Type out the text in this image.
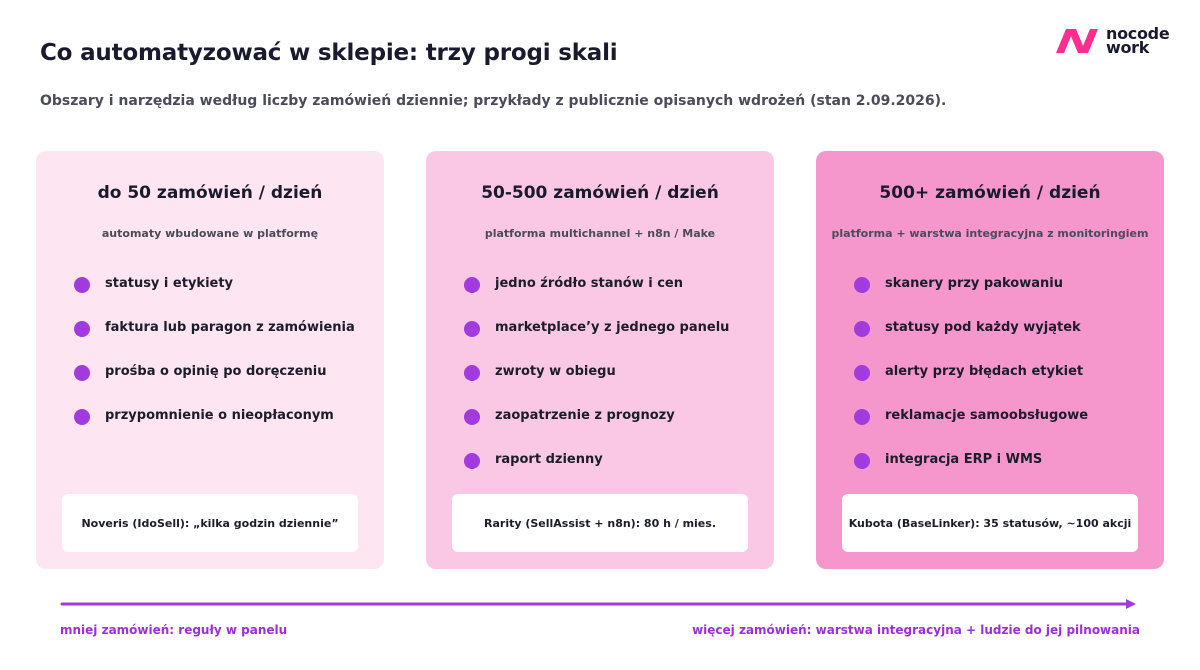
Co automatyzować w sklepie: trzy progi skali
Obszary i narzędzia według liczby zamówień dziennie; przykłady z publicznie opisanych wdrożeń (stan 2.09.2026).
nocode
work
do 50 zamówień / dzień
automaty wbudowane w platformę
statusy i etykiety
faktura lub paragon z zamówienia
prośba o opinię po doręczeniu
przypomnienie o nieopłaconym
Noveris (IdoSell): „kilka godzin dziennie”
50-500 zamówień / dzień
platforma multichannel + n8n / Make
jedno źródło stanów i cen
marketplace’y z jednego panelu
zwroty w obiegu
zaopatrzenie z prognozy
raport dzienny
Rarity (SellAssist + n8n): 80 h / mies.
500+ zamówień / dzień
platforma + warstwa integracyjna z monitoringiem
skanery przy pakowaniu
statusy pod każdy wyjątek
alerty przy błędach etykiet
reklamacje samoobsługowe
integracja ERP i WMS
Kubota (BaseLinker): 35 statusów, ~100 akcji
mniej zamówień: reguły w panelu	więcej zamówień: warstwa integracyjna + ludzie do jej pilnowania
